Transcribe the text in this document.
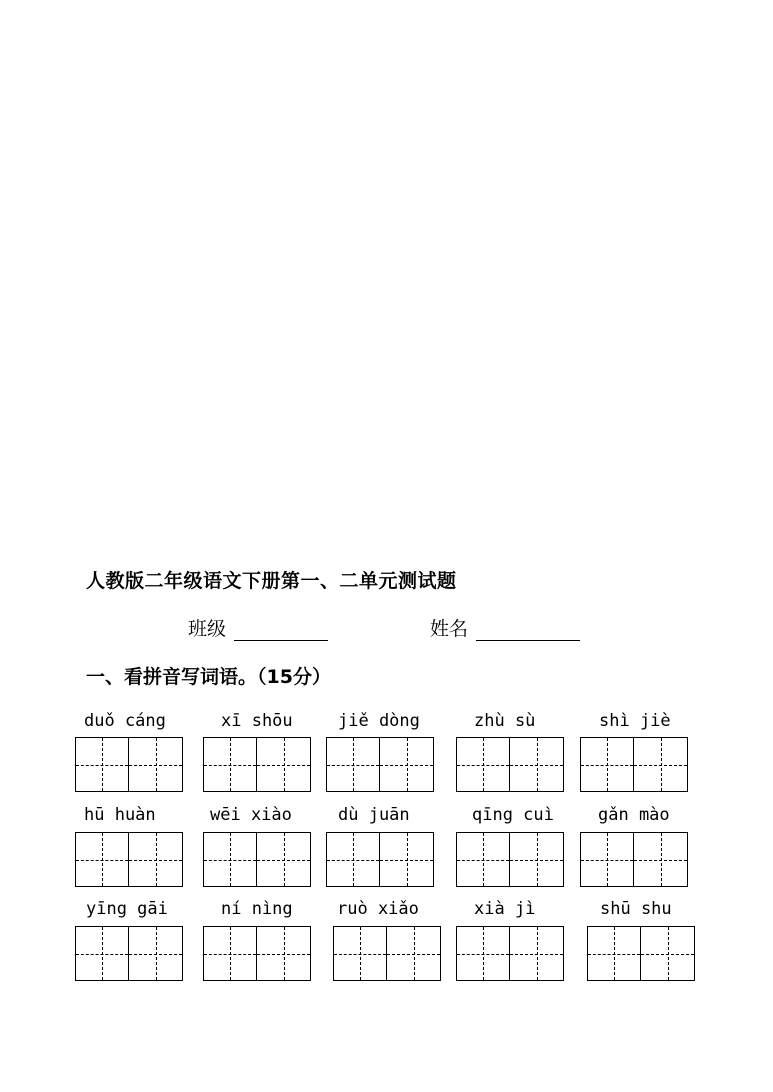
人教版二年级语文下册第一、二单元测试题
班级	姓名
一、看拼音写词语。（15分）
duǒ cáng	xī shōu	jiě dòng	zhù sù	shì jiè
hū huàn	wēi xiào	dù juān	qīng cuì	gǎn mào
yīng gāi	ní nìng	ruò xiǎo	xià jì	shū shu
